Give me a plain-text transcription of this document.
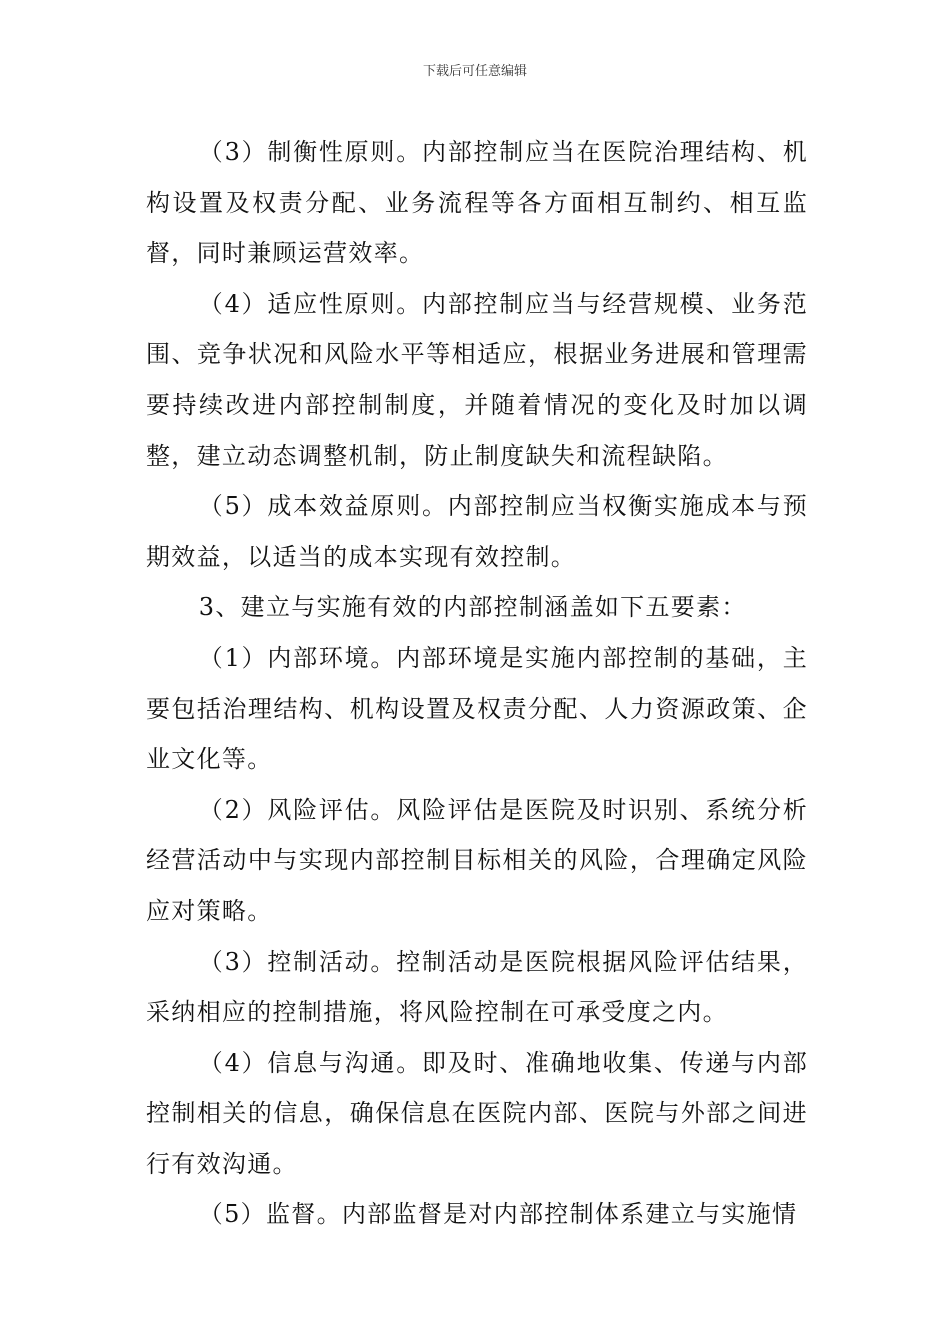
下载后可任意编辑

（3）制衡性原则。内部控制应当在医院治理结构、机构设置及权责分配、业务流程等各方面相互制约、相互监督，同时兼顾运营效率。

（4）适应性原则。内部控制应当与经营规模、业务范围、竞争状况和风险水平等相适应，根据业务进展和管理需要持续改进内部控制制度，并随着情况的变化及时加以调整，建立动态调整机制，防止制度缺失和流程缺陷。

（5）成本效益原则。内部控制应当权衡实施成本与预期效益，以适当的成本实现有效控制。

3、建立与实施有效的内部控制涵盖如下五要素：

（1）内部环境。内部环境是实施内部控制的基础，主要包括治理结构、机构设置及权责分配、人力资源政策、企业文化等。

（2）风险评估。风险评估是医院及时识别、系统分析经营活动中与实现内部控制目标相关的风险，合理确定风险应对策略。

（3）控制活动。控制活动是医院根据风险评估结果，采纳相应的控制措施，将风险控制在可承受度之内。

（4）信息与沟通。即及时、准确地收集、传递与内部控制相关的信息，确保信息在医院内部、医院与外部之间进行有效沟通。

（5）监督。内部监督是对内部控制体系建立与实施情
